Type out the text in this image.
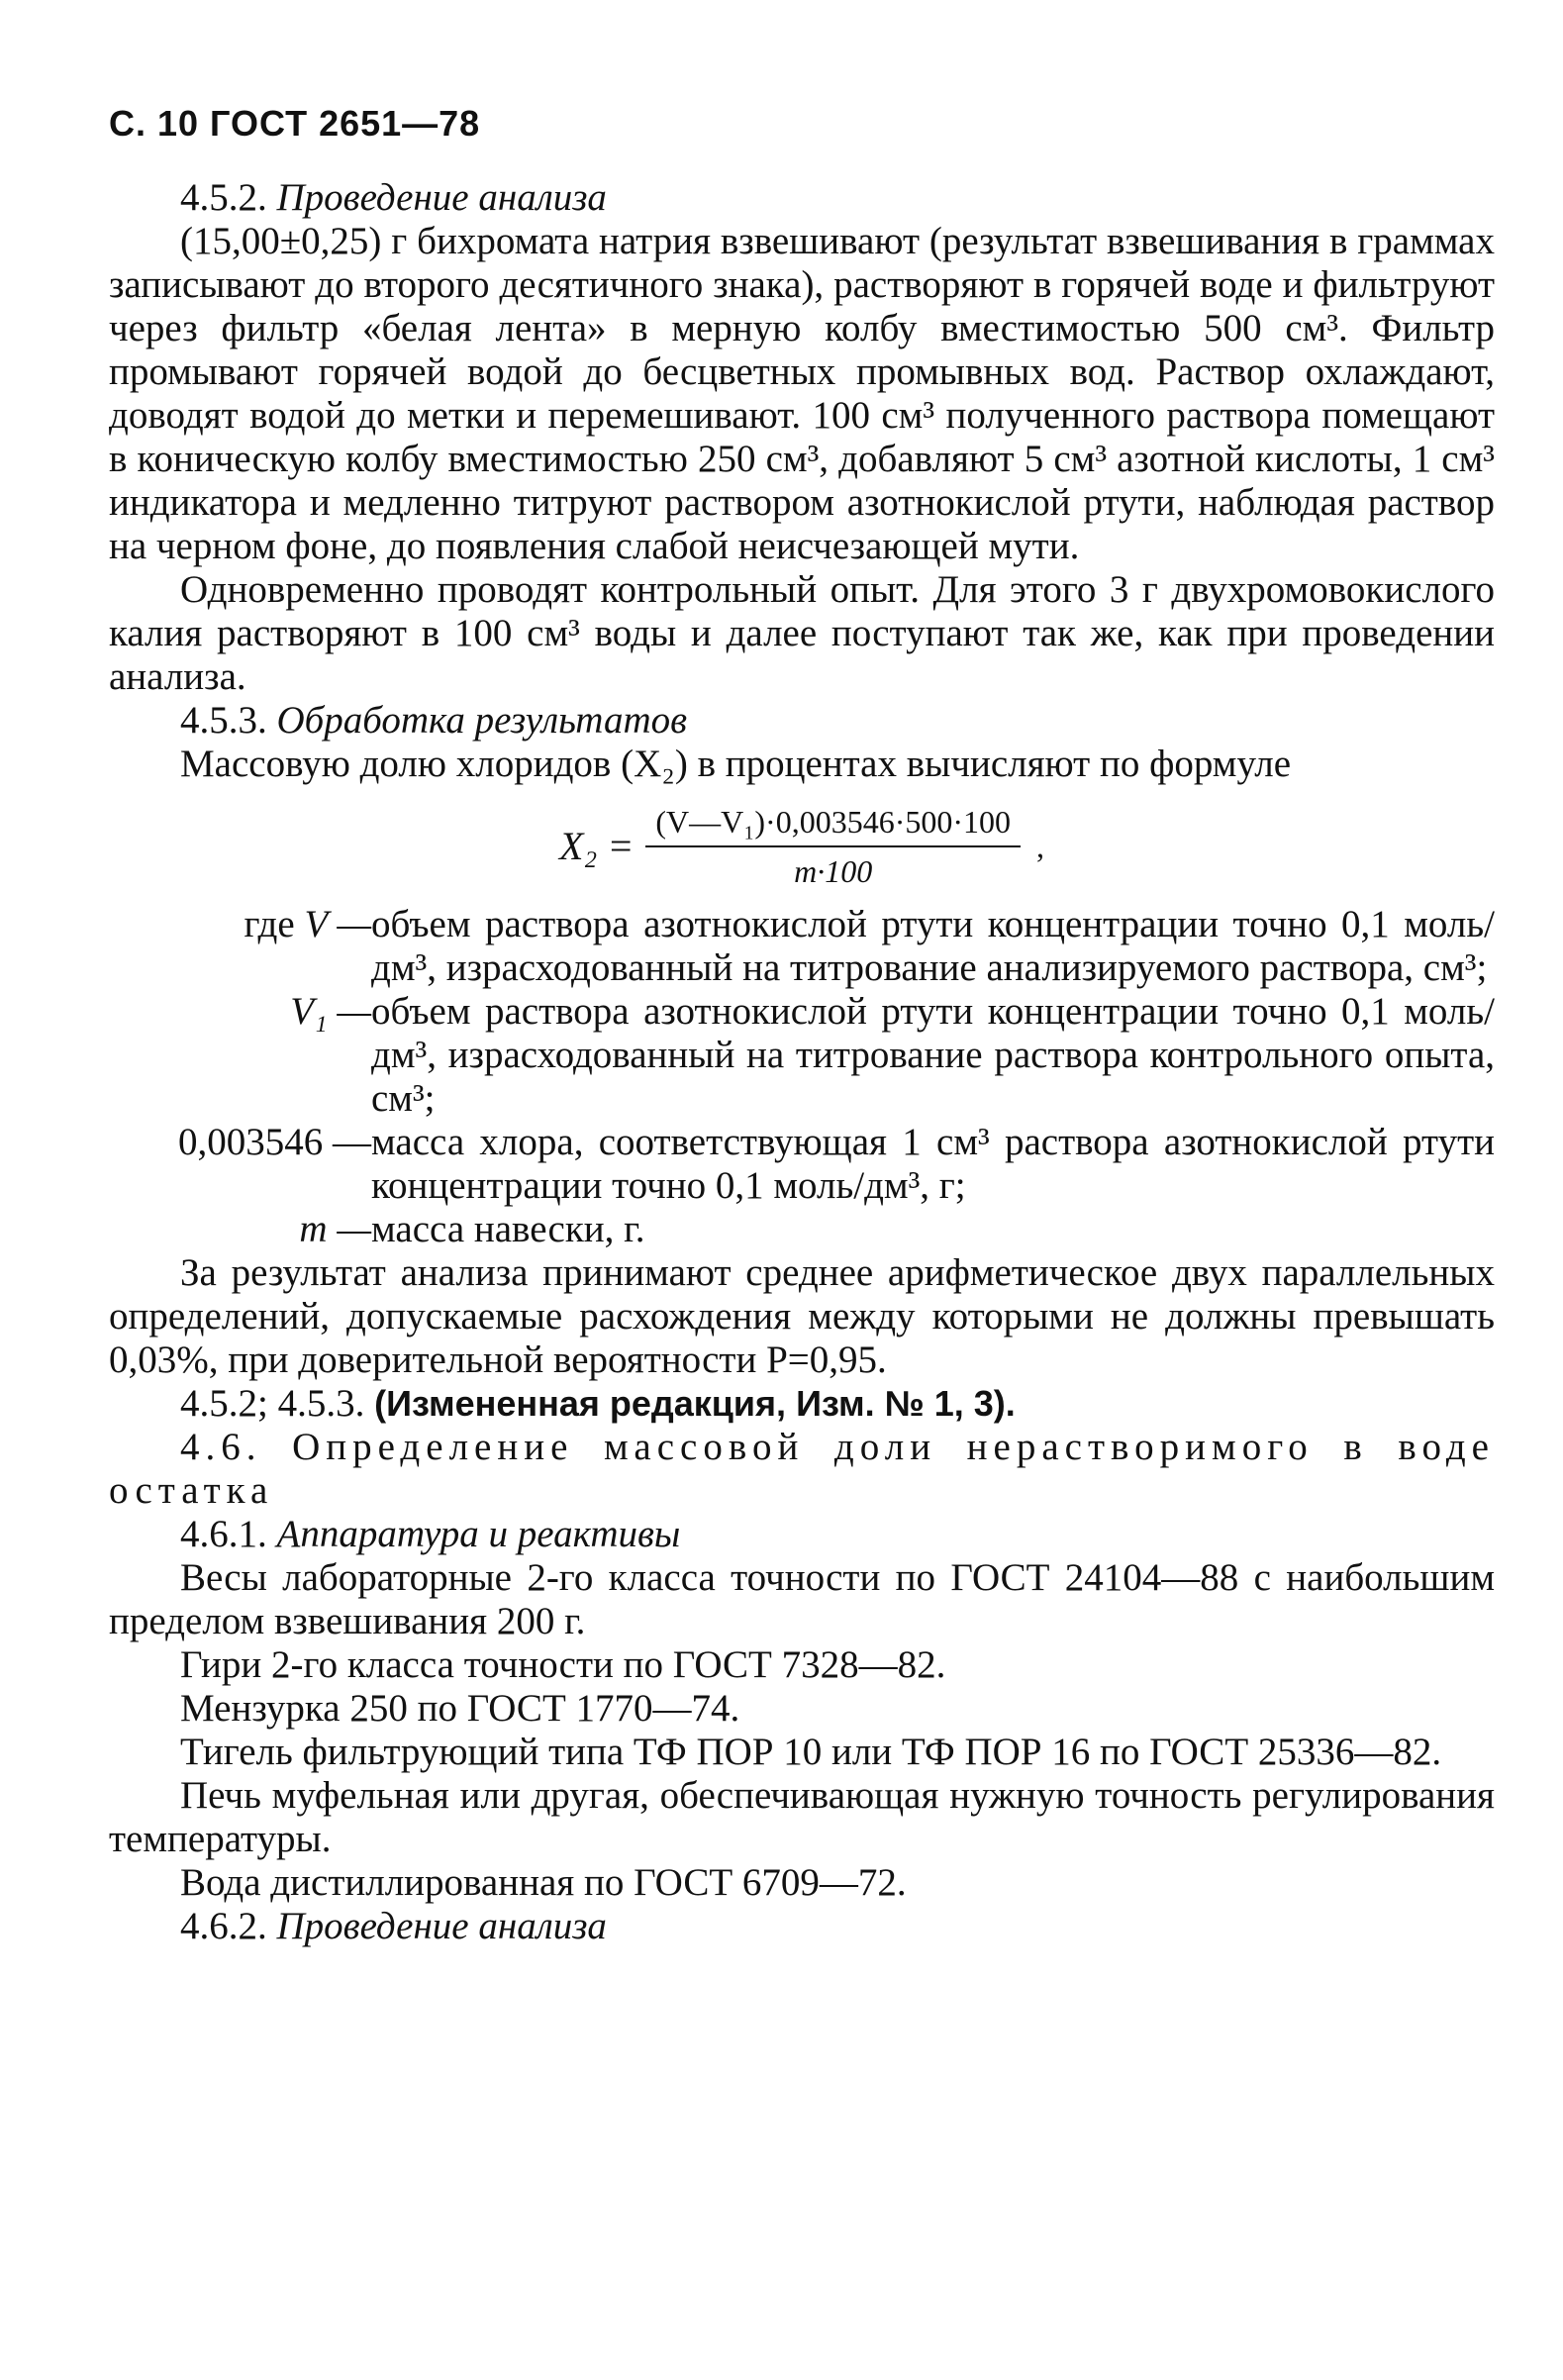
С. 10 ГОСТ 2651—78

4.5.2. Проведение анализа

(15,00±0,25) г бихромата натрия взвешивают (результат взвешивания в граммах записывают до второго десятичного знака), растворяют в горячей воде и фильтруют через фильтр «белая лента» в мерную колбу вместимостью 500 см³. Фильтр промывают горячей водой до бесцветных промывных вод. Раствор охлаждают, доводят водой до метки и перемешивают. 100 см³ полученного раствора помещают в коническую колбу вместимостью 250 см³, добавляют 5 см³ азотной кислоты, 1 см³ индикатора и медленно титруют раствором азотнокислой ртути, наблюдая раствор на черном фоне, до появления слабой неисчезающей мути.

Одновременно проводят контрольный опыт. Для этого 3 г двухромовокислого калия растворяют в 100 см³ воды и далее поступают так же, как при проведении анализа.

4.5.3. Обработка результатов

Массовую долю хлоридов (X₂) в процентах вычисляют по формуле

$X_2 = \frac{\text{(V—V₁)·0,003546·500·100}}{m\cdot 100}$ ,
где V —	объем раствора азотнокислой ртути концентрации точно 0,1 моль/дм³, израсходованный на титрование анализируемого раствора, см³;
V₁ —	объем раствора азотнокислой ртути концентрации точно 0,1 моль/дм³, израсходованный на титрование раствора контрольного опыта, см³;
0,003546 —	масса хлора, соответствующая 1 см³ раствора азотнокислой ртути концентрации точно 0,1 моль/дм³, г;
m —	масса навески, г.

За результат анализа принимают среднее арифметическое двух параллельных определений, допускаемые расхождения между которыми не должны превышать 0,03%, при доверительной вероятности P=0,95.

4.5.2; 4.5.3. (Измененная редакция, Изм. № 1, 3).

4.6. Определение массовой доли нерастворимого в воде остатка

4.6.1. Аппаратура и реактивы

Весы лабораторные 2-го класса точности по ГОСТ 24104—88 с наибольшим пределом взвешивания 200 г.

Гири 2-го класса точности по ГОСТ 7328—82.

Мензурка 250 по ГОСТ 1770—74.

Тигель фильтрующий типа ТФ ПОР 10 или ТФ ПОР 16 по ГОСТ 25336—82.

Печь муфельная или другая, обеспечивающая нужную точность регулирования температуры.

Вода дистиллированная по ГОСТ 6709—72.

4.6.2. Проведение анализа
